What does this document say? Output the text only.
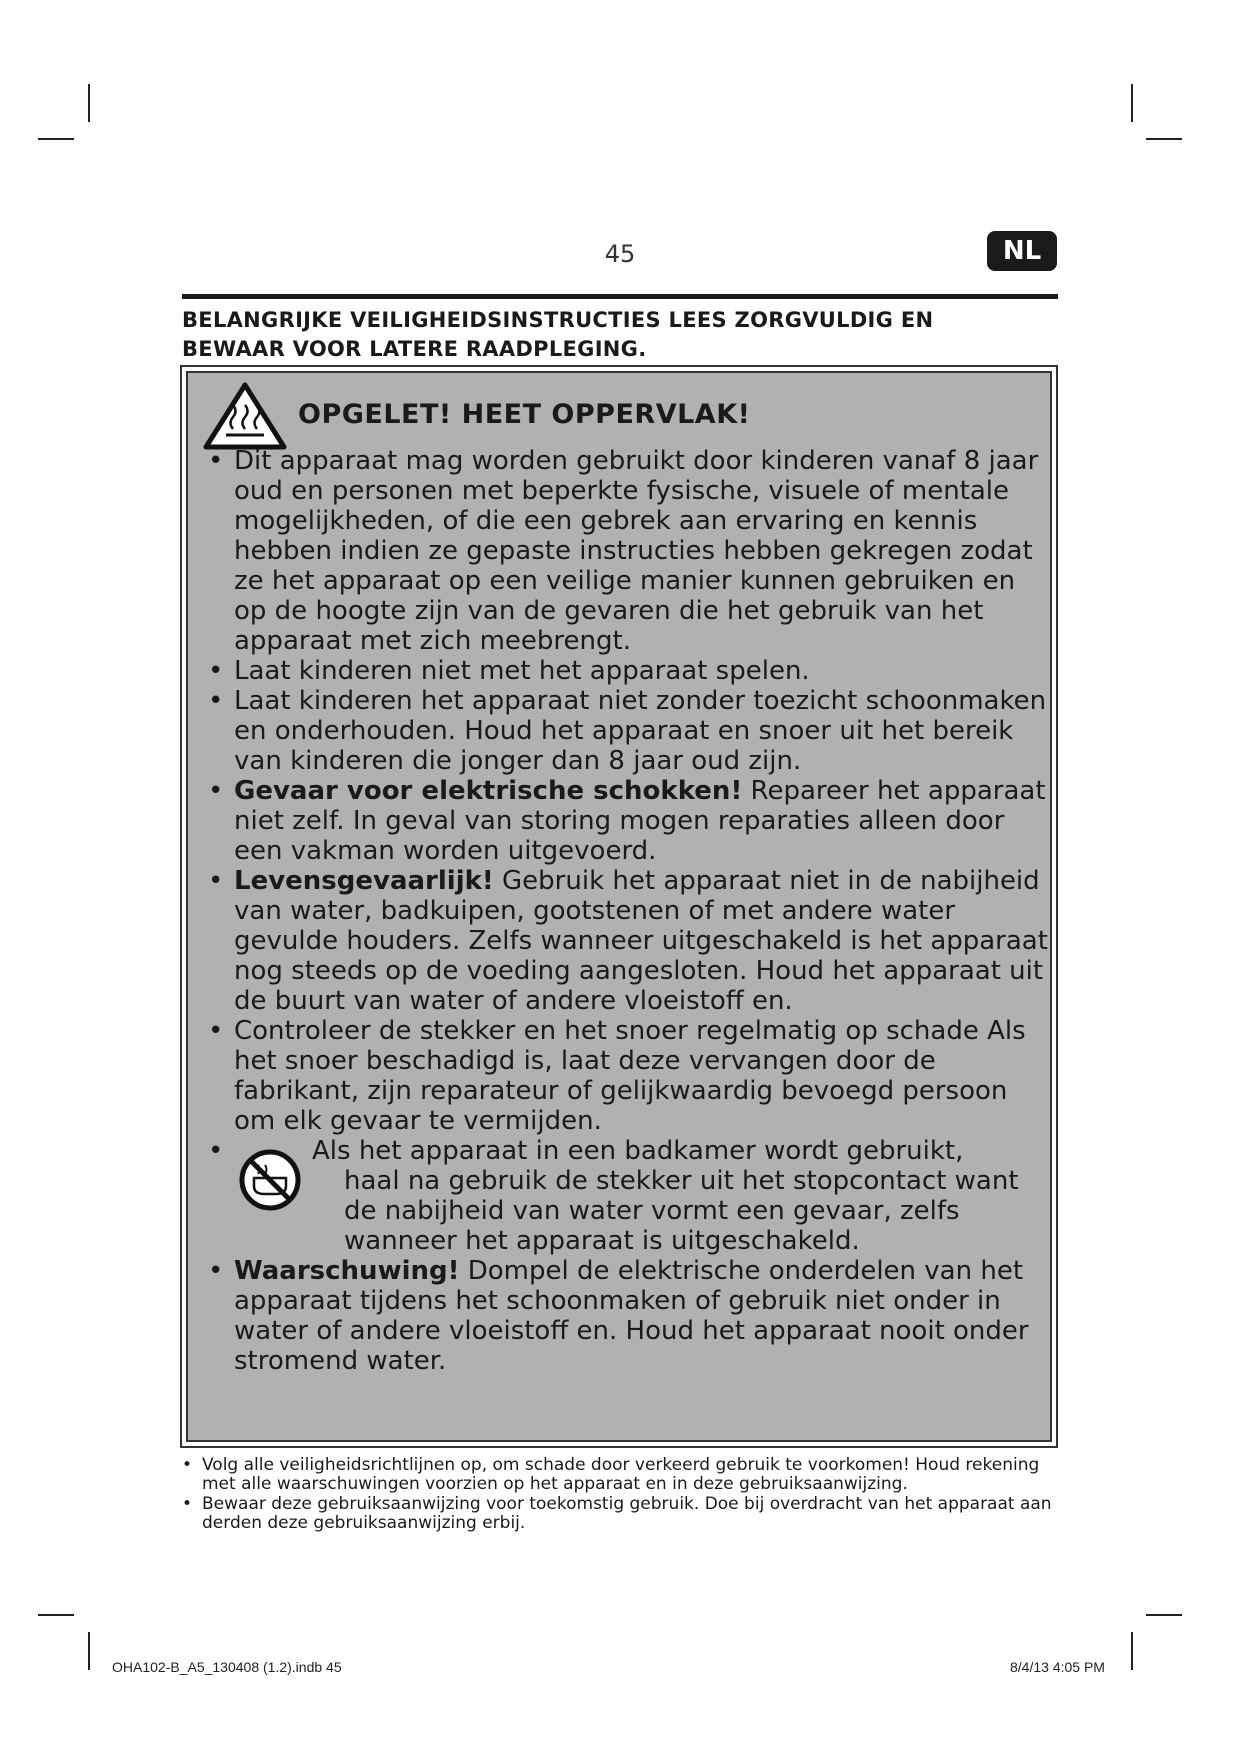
45	NL
BELANGRIJKE VEILIGHEIDSINSTRUCTIES LEES ZORGVULDIG EN
BEWAAR VOOR LATERE RAADPLEGING.
OPGELET! HEET OPPERVLAK!

• Dit apparaat mag worden gebruikt door kinderen vanaf 8 jaar oud en personen met beperkte fysische, visuele of mentale mogelijkheden, of die een gebrek aan ervaring en kennis hebben indien ze gepaste instructies hebben gekregen zodat ze het apparaat op een veilige manier kunnen gebruiken en op de hoogte zijn van de gevaren die het gebruik van het apparaat met zich meebrengt.

• Laat kinderen niet met het apparaat spelen.

• Laat kinderen het apparaat niet zonder toezicht schoonmaken en onderhouden. Houd het apparaat en snoer uit het bereik van kinderen die jonger dan 8 jaar oud zijn.

• Gevaar voor elektrische schokken! Repareer het apparaat niet zelf. In geval van storing mogen reparaties alleen door een vakman worden uitgevoerd.

• Levensgevaarlijk! Gebruik het apparaat niet in de nabijheid van water, badkuipen, gootstenen of met andere water gevulde houders. Zelfs wanneer uitgeschakeld is het apparaat nog steeds op de voeding aangesloten. Houd het apparaat uit de buurt van water of andere vloeistoff en.

• Controleer de stekker en het snoer regelmatig op schade Als het snoer beschadigd is, laat deze vervangen door de fabrikant, zijn reparateur of gelijkwaardig bevoegd persoon om elk gevaar te vermijden.

•	Als het apparaat in een badkamer wordt gebruikt,
haal na gebruik de stekker uit het stopcontact want de nabijheid van water vormt een gevaar, zelfs wanneer het apparaat is uitgeschakeld.

• Waarschuwing! Dompel de elektrische onderdelen van het apparaat tijdens het schoonmaken of gebruik niet onder in water of andere vloeistoff en. Houd het apparaat nooit onder stromend water.

• Volg alle veiligheidsrichtlijnen op, om schade door verkeerd gebruik te voorkomen! Houd rekening met alle waarschuwingen voorzien op het apparaat en in deze gebruiksaanwijzing.

• Bewaar deze gebruiksaanwijzing voor toekomstig gebruik. Doe bij overdracht van het apparaat aan derden deze gebruiksaanwijzing erbij.

OHA102-B_A5_130408 (1.2).indb 45	8/4/13 4:05 PM
